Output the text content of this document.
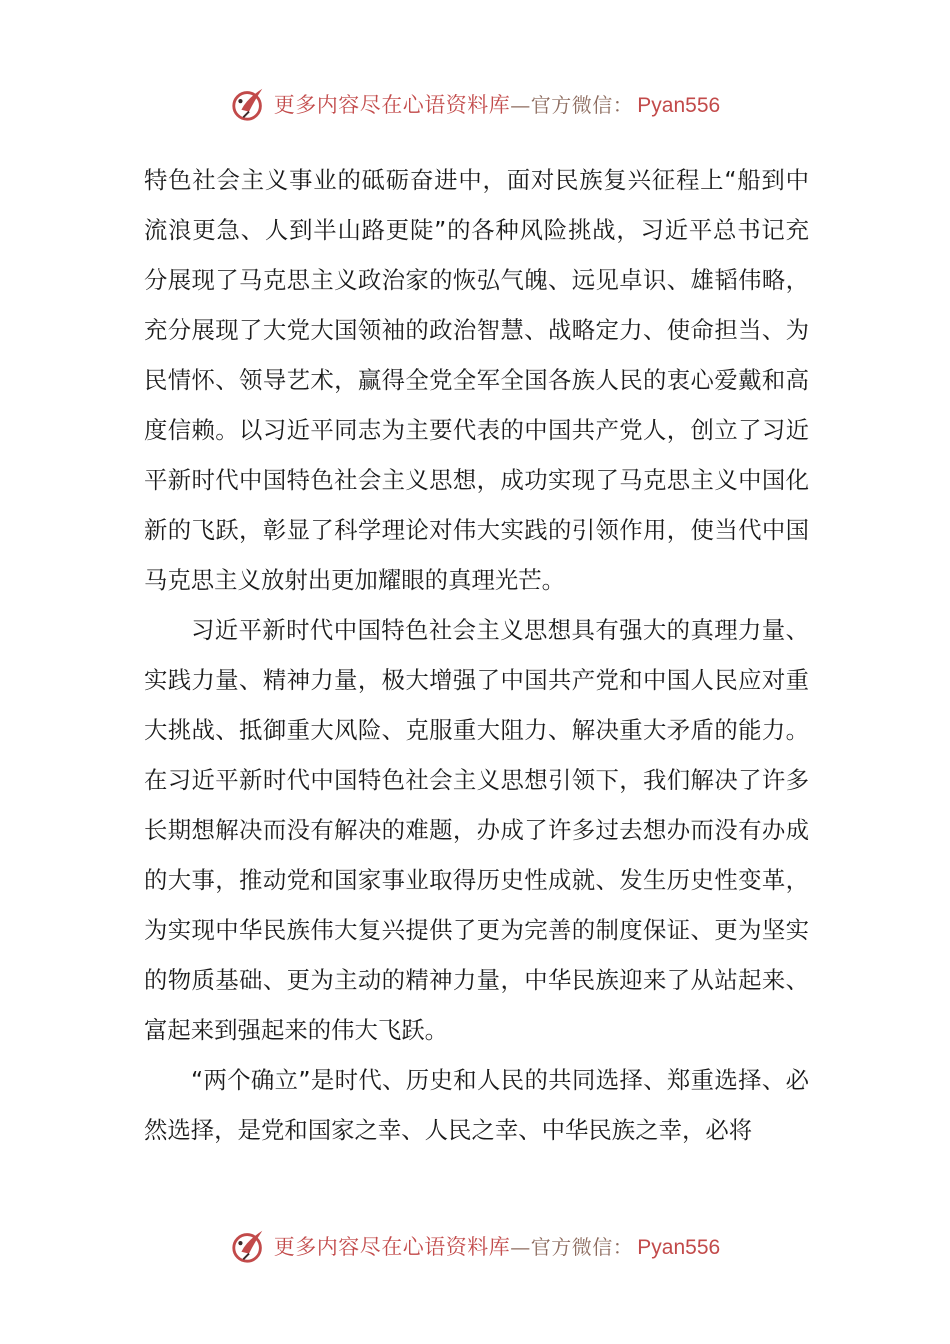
更多内容尽在心语资料库 — 官方微信： Pyan556

特色社会主义事业的砥砺奋进中，面对民族复兴征程上“船到中流浪更急、人到半山路更陡”的各种风险挑战，习近平总书记充分展现了马克思主义政治家的恢弘气魄、远见卓识、雄韬伟略，充分展现了大党大国领袖的政治智慧、战略定力、使命担当、为民情怀、领导艺术，赢得全党全军全国各族人民的衷心爱戴和高度信赖。以习近平同志为主要代表的中国共产党人，创立了习近平新时代中国特色社会主义思想，成功实现了马克思主义中国化新的飞跃，彰显了科学理论对伟大实践的引领作用，使当代中国马克思主义放射出更加耀眼的真理光芒。

习近平新时代中国特色社会主义思想具有强大的真理力量、实践力量、精神力量，极大增强了中国共产党和中国人民应对重大挑战、抵御重大风险、克服重大阻力、解决重大矛盾的能力。在习近平新时代中国特色社会主义思想引领下，我们解决了许多长期想解决而没有解决的难题，办成了许多过去想办而没有办成的大事，推动党和国家事业取得历史性成就、发生历史性变革，为实现中华民族伟大复兴提供了更为完善的制度保证、更为坚实的物质基础、更为主动的精神力量，中华民族迎来了从站起来、富起来到强起来的伟大飞跃。

“两个确立”是时代、历史和人民的共同选择、郑重选择、必然选择，是党和国家之幸、人民之幸、中华民族之幸，必将

更多内容尽在心语资料库 — 官方微信： Pyan556
